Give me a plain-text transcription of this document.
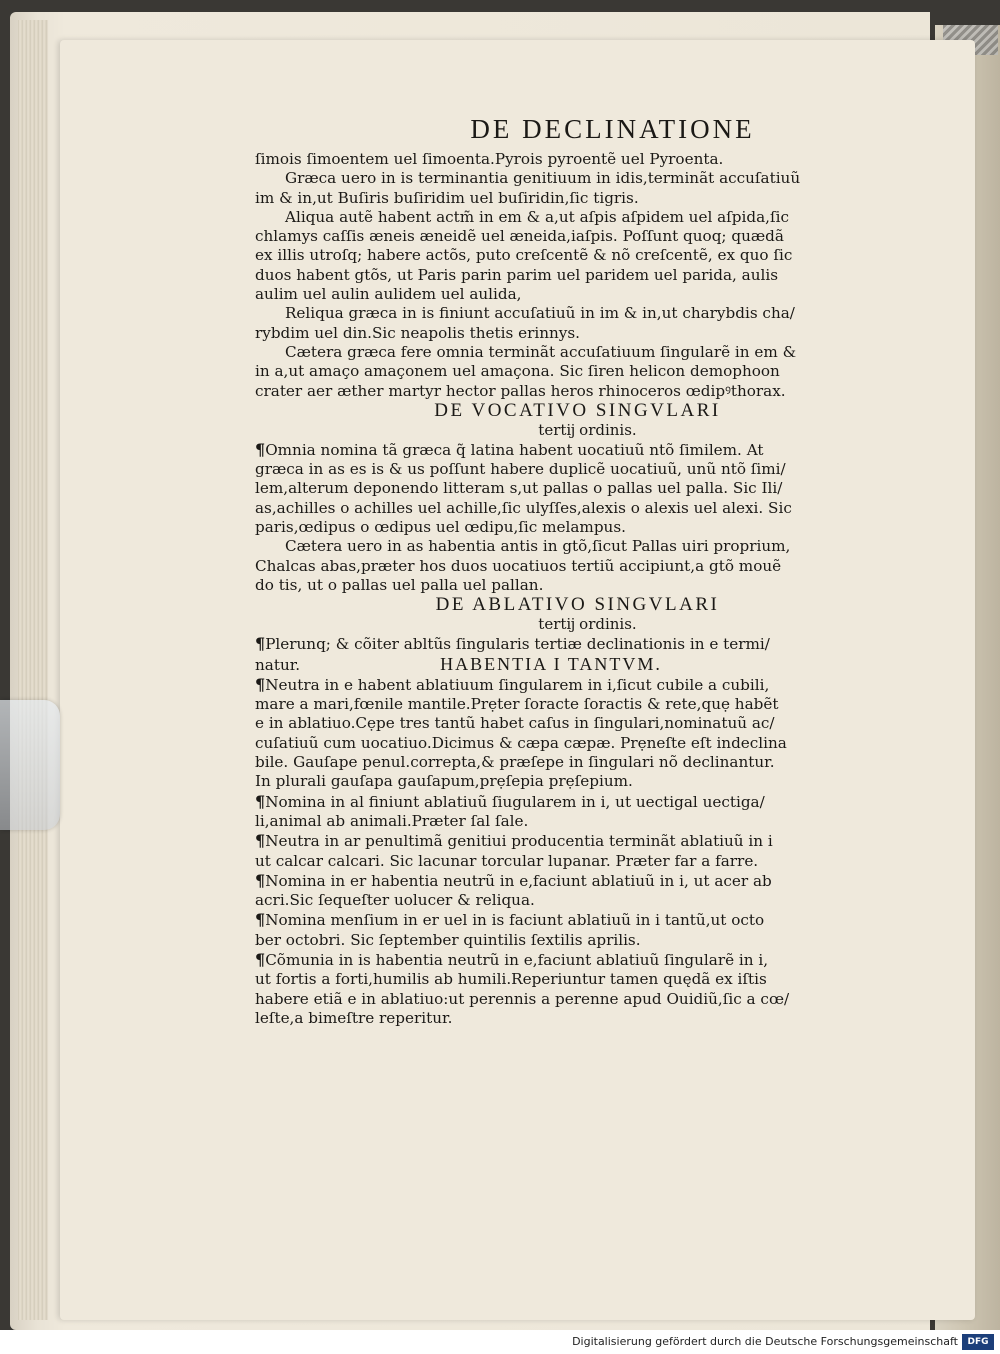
DE DECLINATIONE
ſimois ſimoentem uel ſimoenta.Pyrois pyroentẽ uel Pyroenta.
Græca uero in is terminantia genitiuum in idis,terminãt accuſatiuũ
im & in,ut Buſiris buſiridim uel buſiridin,ſic tigris.
Aliqua autẽ habent actm̃ in em & a,ut aſpis aſpidem uel aſpida,ſic
chlamys caſſis æneis æneidẽ uel æneida,iaſpis. Poſſunt quoq; quædã
ex illis utroſq; habere actõs, puto creſcentẽ & nõ creſcentẽ, ex quo ſic
duos habent gtõs, ut Paris parin parim uel paridem uel parida, aulis
aulim uel aulin aulidem uel aulida,
Reliqua græca in is finiunt accuſatiuũ in im & in,ut charybdis cha/
rybdim uel din.Sic neapolis thetis erinnys.
Cætera græca fere omnia terminãt accuſatiuum ſingularẽ in em &
in a,ut amaço amaçonem uel amaçona. Sic ſiren helicon demophoon
crater aer æther martyr hector pallas heros rhinoceros œdipꝰthorax.
DE VOCATIVO SINGVLARI
tertĳ ordinis.
¶Omnia nomina tã græca q̃ latina habent uocatiuũ ntõ ſimilem. At
græca in as es is & us poſſunt habere duplicẽ uocatiuũ, unũ ntõ ſimi/
lem,alterum deponendo litteram s,ut pallas o pallas uel palla. Sic Ili/
as,achilles o achilles uel achille,ſic ulyſſes,alexis o alexis uel alexi. Sic
paris,œdipus o œdipus uel œdipu,ſic melampus.
Cætera uero in as habentia antis in gtõ,ſicut Pallas uiri proprium,
Chalcas abas,præter hos duos uocatiuos tertiũ accipiunt,a gtõ mouẽ
do tis, ut o pallas uel palla uel pallan.
DE ABLATIVO SINGVLARI
tertĳ ordinis.
¶Plerunq; & cõiter abltũs ſingularis tertiæ declinationis in e termi/
natur.	HABENTIA I TANTVM.
¶Neutra in e habent ablatiuum ſingularem in i,ſicut cubile a cubili,
mare a mari,fœnile mantile.Prẹter ſoracte ſoractis & rete,quẹ habẽt
e in ablatiuo.Cẹpe tres tantũ habet caſus in ſingulari,nominatuũ ac/
cuſatiuũ cum uocatiuo.Dicimus & cæpa cæpæ. Prẹneſte eſt indeclina
bile. Gauſape penul.correpta,& præſepe in ſingulari nõ declinantur.
In plurali gauſapa gauſapum,prẹſepia prẹſepium.
¶Nomina in al finiunt ablatiuũ ſiugularem in i, ut uectigal uectiga/
li,animal ab animali.Præter ſal ſale.
¶Neutra in ar penultimã genitiui producentia terminãt ablatiuũ in i
ut calcar calcari. Sic lacunar torcular lupanar. Præter far a farre.
¶Nomina in er habentia neutrũ in e,faciunt ablatiuũ in i, ut acer ab
acri.Sic ſequeſter uolucer & reliqua.
¶Nomina menſium in er uel in is faciunt ablatiuũ in i tantũ,ut octo
ber octobri. Sic ſeptember quintilis ſextilis aprilis.
¶Cõmunia in is habentia neutrũ in e,faciunt ablatiuũ ſingularẽ in i,
ut fortis a forti,humilis ab humili.Reperiuntur tamen quędã ex iſtis
habere etiã e in ablatiuo:ut perennis a perenne apud Ouidiũ,ſic a cœ/
leſte,a bimeſtre reperitur.
Digitalisierung gefördert durch die Deutsche Forschungsgemeinschaft	DFG
